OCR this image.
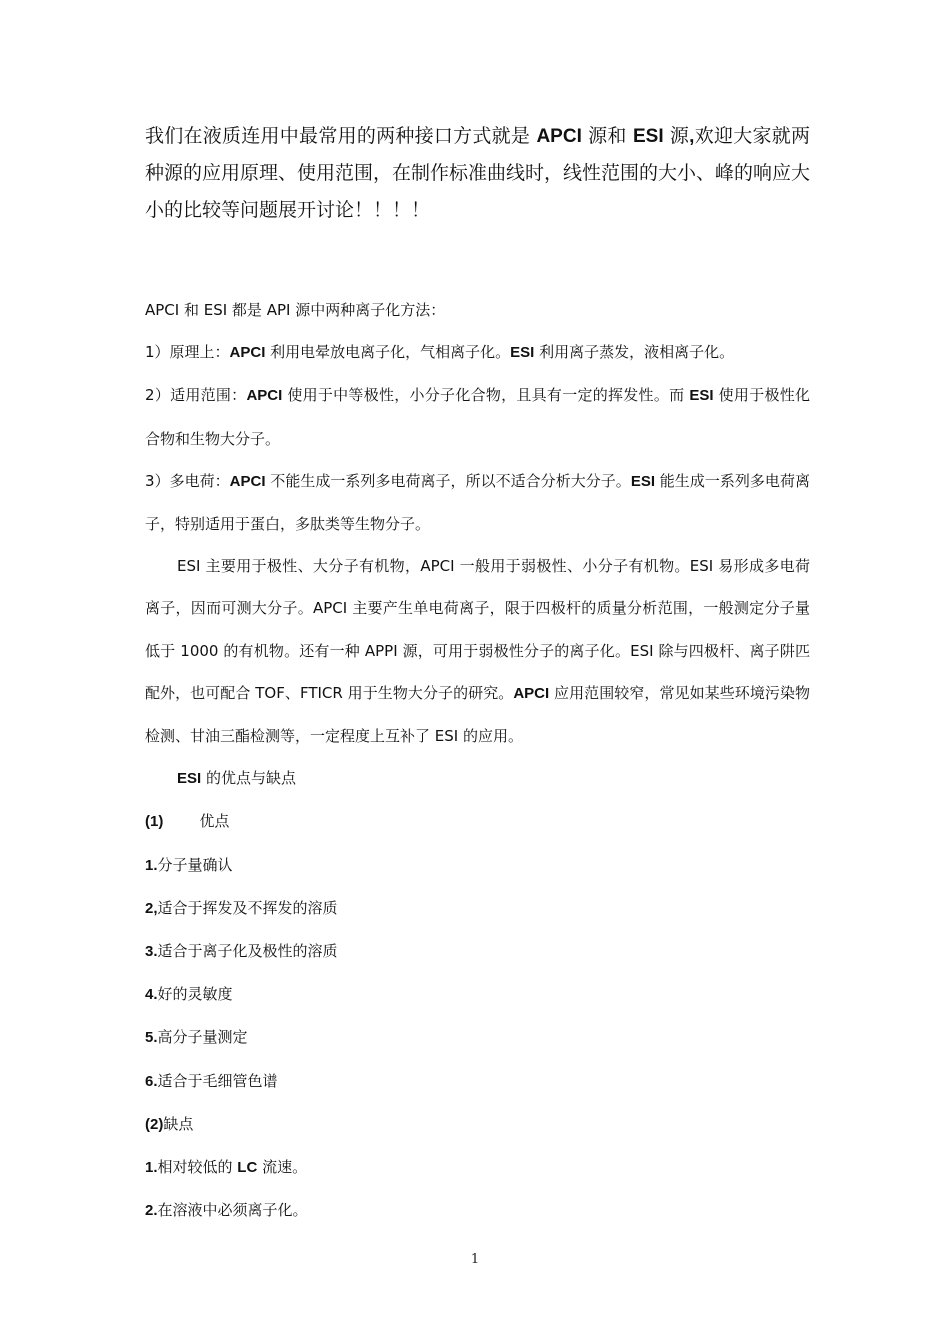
我们在液质连用中最常用的两种接口方式就是 APCI 源和 ESI 源,欢迎大家就两种源的应用原理、使用范围，在制作标准曲线时，线性范围的大小、峰的响应大小的比较等问题展开讨论！！！！

APCI 和 ESI 都是 API 源中两种离子化方法：

1）原理上：APCI 利用电晕放电离子化，气相离子化。ESI 利用离子蒸发，液相离子化。

2）适用范围：APCI 使用于中等极性，小分子化合物，且具有一定的挥发性。而 ESI 使用于极性化合物和生物大分子。

3）多电荷：APCI 不能生成一系列多电荷离子，所以不适合分析大分子。ESI 能生成一系列多电荷离子，特别适用于蛋白，多肽类等生物分子。

ESI 主要用于极性、大分子有机物，APCI 一般用于弱极性、小分子有机物。ESI 易形成多电荷离子，因而可测大分子。APCI 主要产生单电荷离子，限于四极杆的质量分析范围，一般测定分子量低于 1000 的有机物。还有一种 APPI 源，可用于弱极性分子的离子化。ESI 除与四极杆、离子阱匹配外，也可配合 TOF、FTICR 用于生物大分子的研究。APCI 应用范围较窄，常见如某些环境污染物检测、甘油三酯检测等，一定程度上互补了 ESI 的应用。

ESI 的优点与缺点

(1) 优点

1.分子量确认

2,适合于挥发及不挥发的溶质

3.适合于离子化及极性的溶质

4.好的灵敏度

5.高分子量测定

6.适合于毛细管色谱

(2)缺点

1.相对较低的 LC 流速。

2.在溶液中必须离子化。

1
